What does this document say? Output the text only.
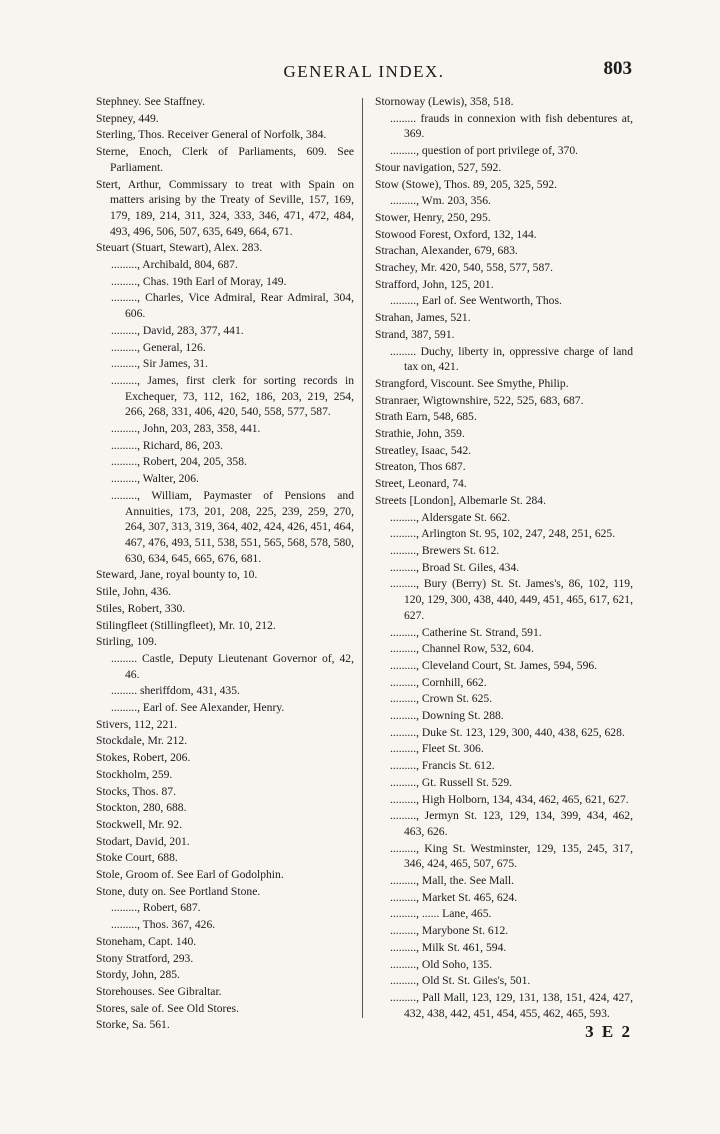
GENERAL INDEX.	803

Stephney. See Staffney.

Stepney, 449.

Sterling, Thos. Receiver General of Norfolk, 384.

Sterne, Enoch, Clerk of Parliaments, 609. See Parliament.

Stert, Arthur, Commissary to treat with Spain on matters arising by the Treaty of Seville, 157, 169, 179, 189, 214, 311, 324, 333, 346, 471, 472, 484, 493, 496, 506, 507, 635, 649, 664, 671.

Steuart (Stuart, Stewart), Alex. 283.

........., Archibald, 804, 687.

........., Chas. 19th Earl of Moray, 149.

........., Charles, Vice Admiral, Rear Admiral, 304, 606.

........., David, 283, 377, 441.

........., General, 126.

........., Sir James, 31.

........., James, first clerk for sorting records in Exchequer, 73, 112, 162, 186, 203, 219, 254, 266, 268, 331, 406, 420, 540, 558, 577, 587.

........., John, 203, 283, 358, 441.

........., Richard, 86, 203.

........., Robert, 204, 205, 358.

........., Walter, 206.

........., William, Paymaster of Pensions and Annuities, 173, 201, 208, 225, 239, 259, 270, 264, 307, 313, 319, 364, 402, 424, 426, 451, 464, 467, 476, 493, 511, 538, 551, 565, 568, 578, 580, 630, 634, 645, 665, 676, 681.

Steward, Jane, royal bounty to, 10.

Stile, John, 436.

Stiles, Robert, 330.

Stilingfleet (Stillingfleet), Mr. 10, 212.

Stirling, 109.

......... Castle, Deputy Lieutenant Governor of, 42, 46.

......... sheriffdom, 431, 435.

........., Earl of. See Alexander, Henry.

Stivers, 112, 221.

Stockdale, Mr. 212.

Stokes, Robert, 206.

Stockholm, 259.

Stocks, Thos. 87.

Stockton, 280, 688.

Stockwell, Mr. 92.

Stodart, David, 201.

Stoke Court, 688.

Stole, Groom of. See Earl of Godolphin.

Stone, duty on. See Portland Stone.

........., Robert, 687.

........., Thos. 367, 426.

Stoneham, Capt. 140.

Stony Stratford, 293.

Stordy, John, 285.

Storehouses. See Gibraltar.

Stores, sale of. See Old Stores.

Storke, Sa. 561.

Stornoway (Lewis), 358, 518.

......... frauds in connexion with fish debentures at, 369.

........., question of port privilege of, 370.

Stour navigation, 527, 592.

Stow (Stowe), Thos. 89, 205, 325, 592.

........., Wm. 203, 356.

Stower, Henry, 250, 295.

Stowood Forest, Oxford, 132, 144.

Strachan, Alexander, 679, 683.

Strachey, Mr. 420, 540, 558, 577, 587.

Strafford, John, 125, 201.

........., Earl of. See Wentworth, Thos.

Strahan, James, 521.

Strand, 387, 591.

......... Duchy, liberty in, oppressive charge of land tax on, 421.

Strangford, Viscount. See Smythe, Philip.

Stranraer, Wigtownshire, 522, 525, 683, 687.

Strath Earn, 548, 685.

Strathie, John, 359.

Streatley, Isaac, 542.

Streaton, Thos 687.

Street, Leonard, 74.

Streets [London], Albemarle St. 284.

........., Aldersgate St. 662.

........., Arlington St. 95, 102, 247, 248, 251, 625.

........., Brewers St. 612.

........., Broad St. Giles, 434.

........., Bury (Berry) St. St. James's, 86, 102, 119, 120, 129, 300, 438, 440, 449, 451, 465, 617, 621, 627.

........., Catherine St. Strand, 591.

........., Channel Row, 532, 604.

........., Cleveland Court, St. James, 594, 596.

........., Cornhill, 662.

........., Crown St. 625.

........., Downing St. 288.

........., Duke St. 123, 129, 300, 440, 438, 625, 628.

........., Fleet St. 306.

........., Francis St. 612.

........., Gt. Russell St. 529.

........., High Holborn, 134, 434, 462, 465, 621, 627.

........., Jermyn St. 123, 129, 134, 399, 434, 462, 463, 626.

........., King St. Westminster, 129, 135, 245, 317, 346, 424, 465, 507, 675.

........., Mall, the. See Mall.

........., Market St. 465, 624.

........., ...... Lane, 465.

........., Marybone St. 612.

........., Milk St. 461, 594.

........., Old Soho, 135.

........., Old St. St. Giles's, 501.

........., Pall Mall, 123, 129, 131, 138, 151, 424, 427, 432, 438, 442, 451, 454, 455, 462, 465, 593.

3 E 2
